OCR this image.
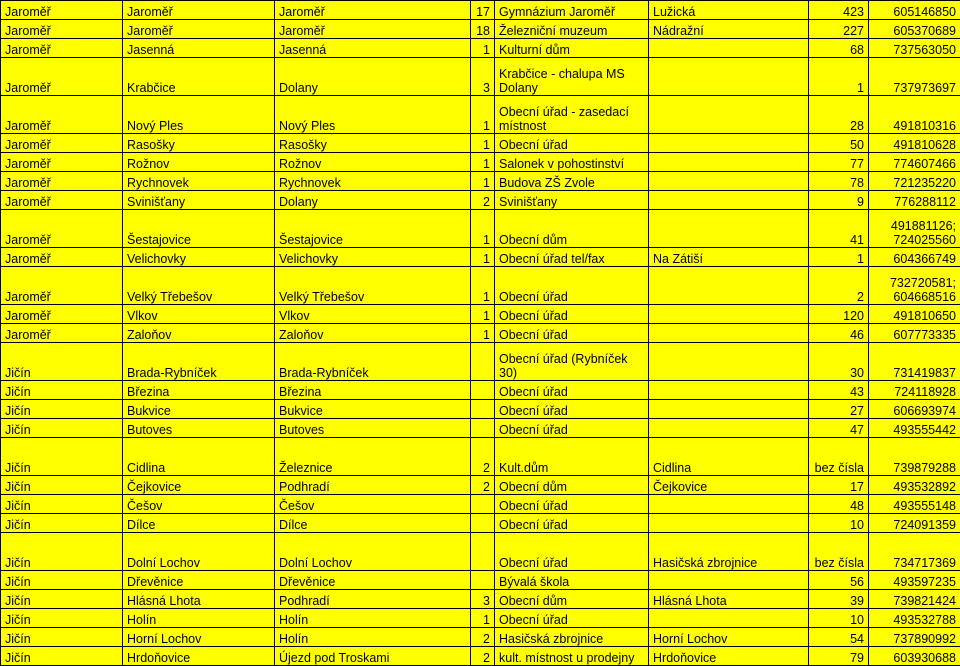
Jaroměř	Jaroměř	Jaroměř	17	Gymnázium Jaroměř	Lužická	423	605146850
Jaroměř	Jaroměř	Jaroměř	18	Železniční muzeum	Nádražní	227	605370689
Jaroměř	Jasenná	Jasenná	1	Kulturní dům		68	737563050
Jaroměř	Krabčice	Dolany	3	Krabčice - chalupa MS Dolany		1	737973697
Jaroměř	Nový Ples	Nový Ples	1	Obecní úřad - zasedací místnost		28	491810316
Jaroměř	Rasošky	Rasošky	1	Obecní úřad		50	491810628
Jaroměř	Rožnov	Rožnov	1	Salonek v pohostinství		77	774607466
Jaroměř	Rychnovek	Rychnovek	1	Budova ZŠ Zvole		78	721235220
Jaroměř	Svinišťany	Dolany	2	Svinišťany		9	776288112
Jaroměř	Šestajovice	Šestajovice	1	Obecní dům		41	491881126; 724025560
Jaroměř	Velichovky	Velichovky	1	Obecní úřad tel/fax	Na Zátiší	1	604366749
Jaroměř	Velký Třebešov	Velký Třebešov	1	Obecní úřad		2	732720581; 604668516
Jaroměř	Vlkov	Vlkov	1	Obecní úřad		120	491810650
Jaroměř	Zaloňov	Zaloňov	1	Obecní úřad		46	607773335
Jičín	Brada-Rybníček	Brada-Rybníček		Obecní úřad (Rybníček 30)		30	731419837
Jičín	Březina	Březina		Obecní úřad		43	724118928
Jičín	Bukvice	Bukvice		Obecní úřad		27	606693974
Jičín	Butoves	Butoves		Obecní úřad		47	493555442
Jičín	Cidlina	Železnice	2	Kult.dům	Cidlina	bez čísla	739879288
Jičín	Čejkovice	Podhradí	2	Obecní dům	Čejkovice	17	493532892
Jičín	Češov	Češov		Obecní úřad		48	493555148
Jičín	Dílce	Dílce		Obecní úřad		10	724091359
Jičín	Dolní Lochov	Dolní Lochov		Obecní úřad	Hasičská zbrojnice	bez čísla	734717369
Jičín	Dřevěnice	Dřevěnice		Bývalá škola		56	493597235
Jičín	Hlásná Lhota	Podhradí	3	Obecní dům	Hlásná Lhota	39	739821424
Jičín	Holín	Holín	1	Obecní úřad		10	493532788
Jičín	Horní Lochov	Holín	2	Hasičská zbrojnice	Horní Lochov	54	737890992
Jičín	Hrdoňovice	Újezd pod Troskami	2	kult. místnost u prodejny	Hrdoňovice	79	603930688
